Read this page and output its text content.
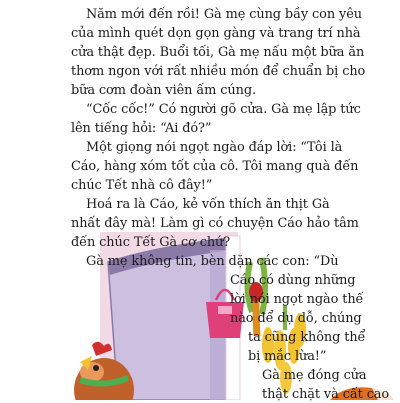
Năm mới đến rồi! Gà mẹ cùng bầy con yêu
của mình quét dọn gọn gàng và trang trí nhà
cửa thật đẹp. Buổi tối, Gà mẹ nấu một bữa ăn
thơm ngon với rất nhiều món để chuẩn bị cho
bữa cơm đoàn viên ấm cúng.
“Cốc cốc!” Có người gõ cửa. Gà mẹ lập tức
lên tiếng hỏi: “Ai đó?”
Một giọng nói ngọt ngào đáp lời: “Tôi là
Cáo, hàng xóm tốt của cô. Tôi mang quà đến
chúc Tết nhà cô đây!”
Hoá ra là Cáo, kẻ vốn thích ăn thịt Gà
nhất đây mà! Làm gì có chuyện Cáo hảo tâm
đến chúc Tết Gà cơ chứ?
Gà mẹ không tin, bèn dặn các con: “Dù
Cáo có dùng những
lời nói ngọt ngào thế
nào để dụ dỗ, chúng
ta cũng không thể
bị mắc lừa!”
Gà mẹ đóng cửa
thật chặt và cất cao
